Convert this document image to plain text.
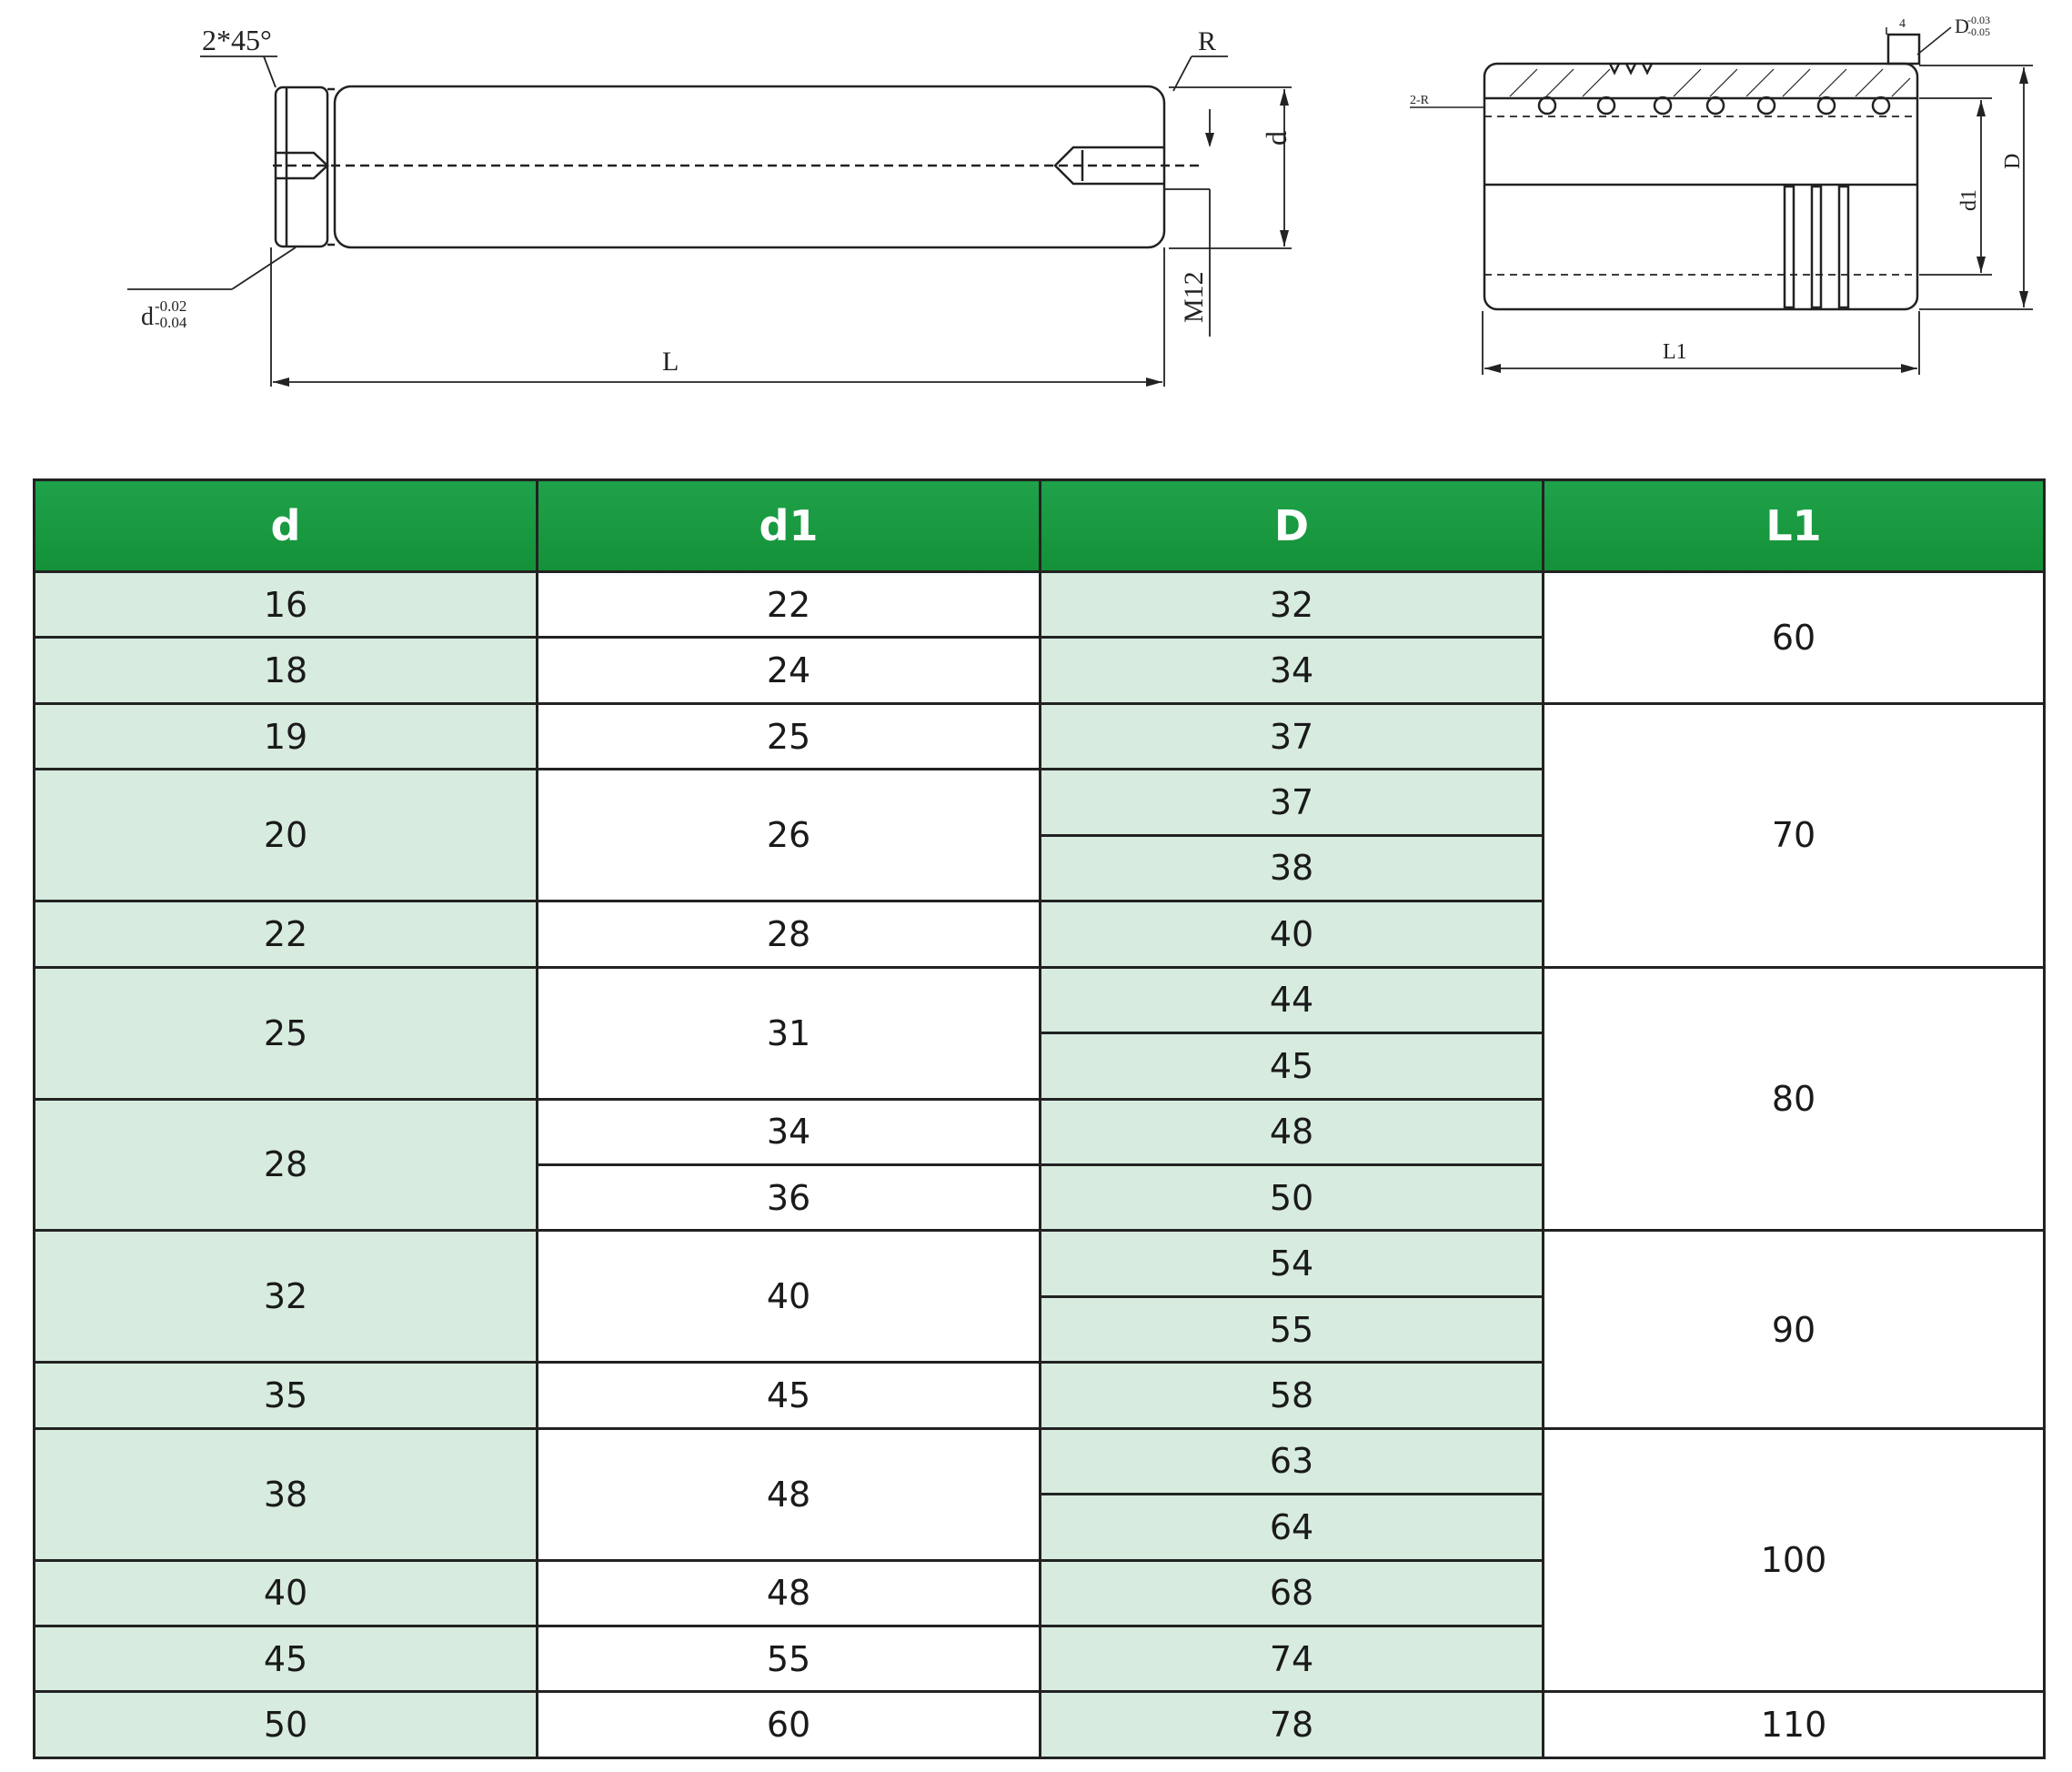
2*45°	R
d
d -0.02
-0.04	M12
L
4 D
-0.03
-0.05
2-R
d1
D
L1
d	d1	D	L1
16	22	32	60
18	24	34	
19	25	37	70
20	26	37	
		38	
22	28	40	
25	31	44	80
		45	
28	34	48	
	36	50	
32	40	54	90
		55	
35	45	58	
38	48	63	100
		64	
40	48	68	
45	55	74	
50	60	78	110
